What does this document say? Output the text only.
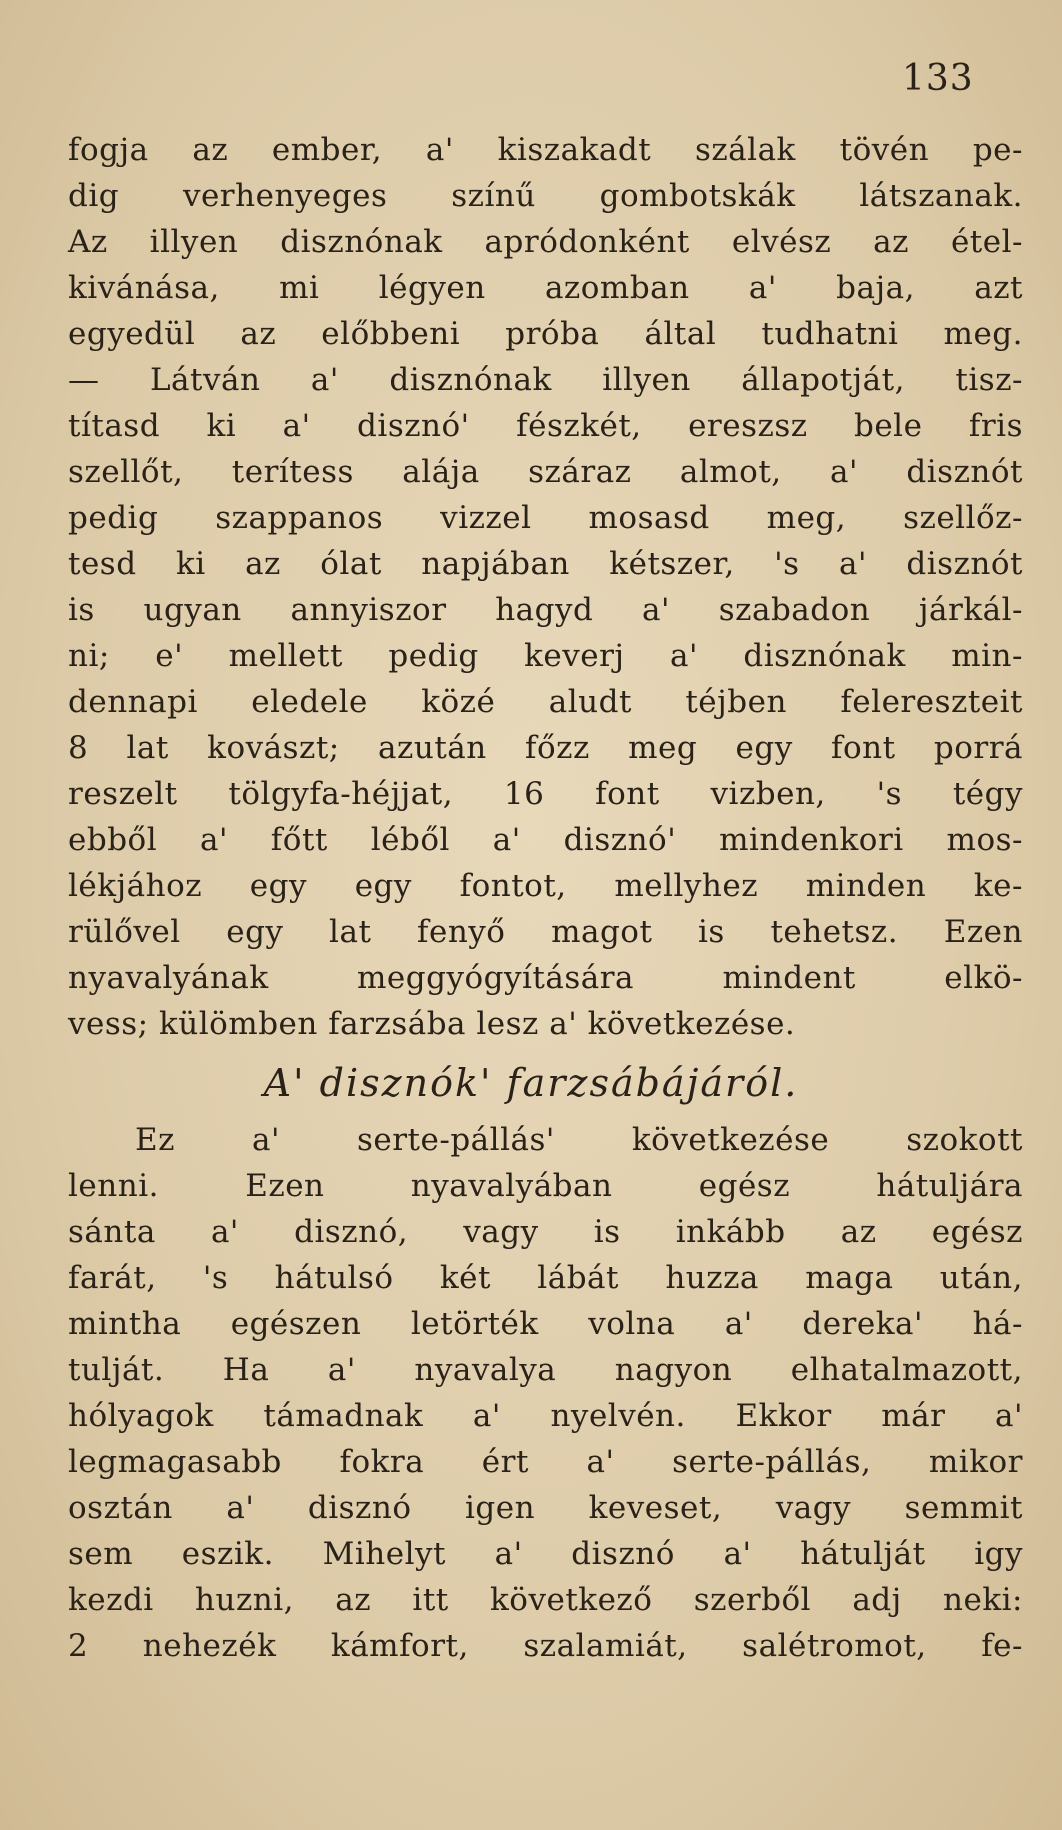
133
fogja az ember, a' kiszakadt szálak tövén pe-
dig verhenyeges színű gombotskák látszanak.
Az illyen disznónak apródonként elvész az étel-
kivánása, mi légyen azomban a' baja, azt
egyedül az előbbeni próba által tudhatni meg.
— Látván a' disznónak illyen állapotját, tisz-
títasd ki a' disznó' fészkét, eresz​sz bele fris
szellőt, terítess alája száraz almot, a' disznót
pedig szappanos vizzel mosasd meg, szellőz-
tesd ki az ólat napjában kétszer, 's a' disznót
is ugyan annyiszor hagyd a' szabadon járkál-
ni; e' mellett pedig keverj a' disznónak min-
dennapi eledele közé aludt téjben felereszteit
8 lat kovászt; azután főzz meg egy font porrá
reszelt tölgyfa-héjjat, 16 font vizben, 's tégy
ebből a' főtt léből a' disznó' mindenkori mos-
lékjához egy egy fontot, mellyhez minden ke-
rülővel egy lat fenyő magot is tehetsz. Ezen
nyavalyának meggyógyítására mindent elkö-
vess; külömben farzsába lesz a' következése.
A' disznók' farzsábájáról.
Ez a' serte-pállás' következése szokott
lenni. Ezen nyavalyában egész hátuljára
sánta a' disznó, vagy is inkább az egész
farát, 's hátulsó két lábát huzza maga után,
mintha egészen letörték volna a' dereka' há-
tulját. Ha a' nyavalya nagyon elhatalmazott,
hólyagok támadnak a' nyelvén. Ekkor már a'
legmagasabb fokra ért a' serte-pállás, mikor
osztán a' disznó igen keveset, vagy semmit
sem eszik. Mihelyt a' disznó a' hátulját igy
kezdi huzni, az itt következő szerből adj neki:
2 nehezék kámfort, szalamiát, salétromot, fe-
